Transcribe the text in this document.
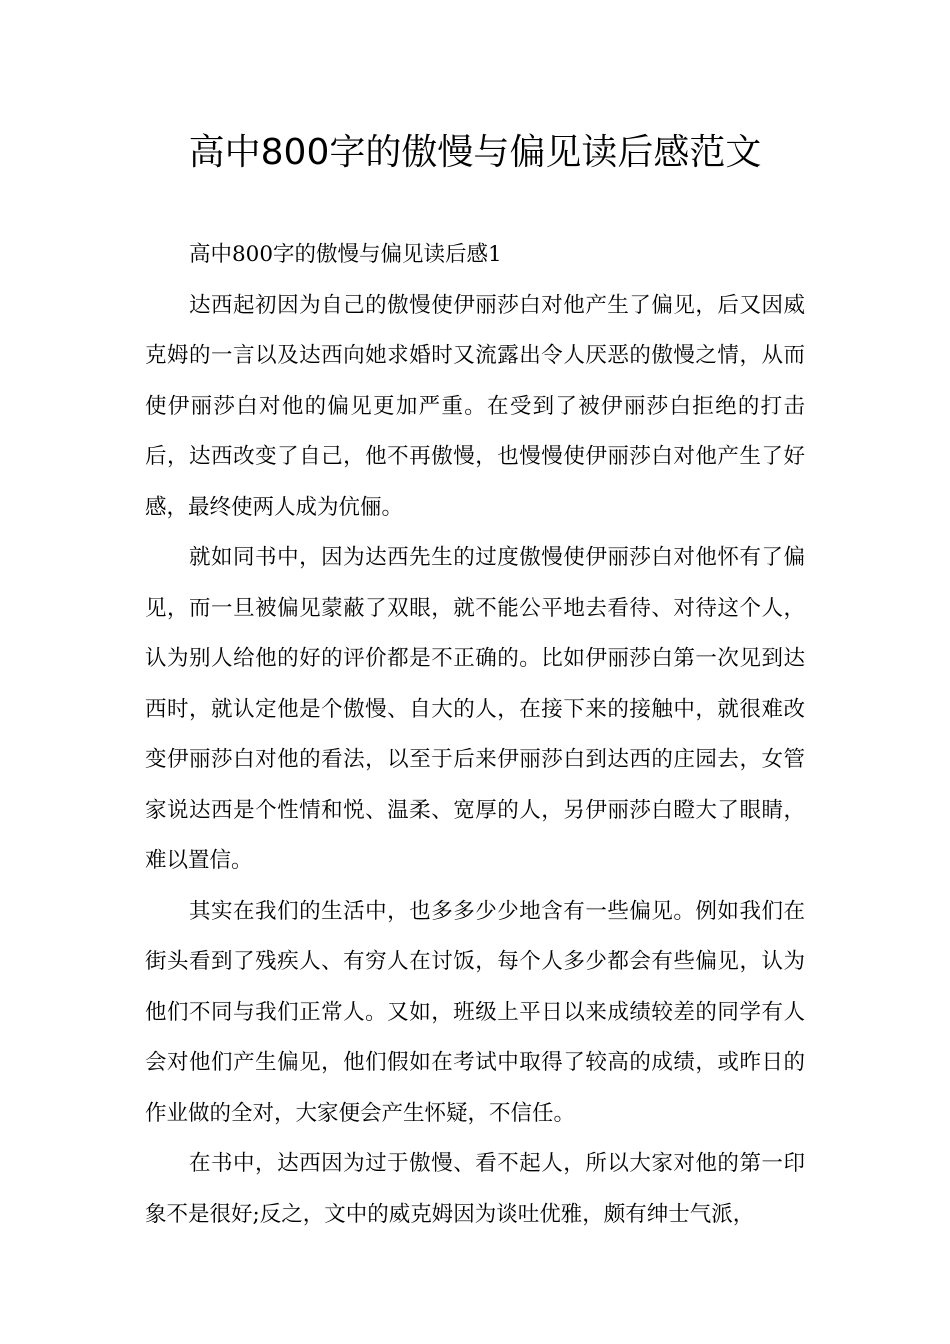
高中800字的傲慢与偏见读后感范文

高中800字的傲慢与偏见读后感1

达西起初因为自己的傲慢使伊丽莎白对他产生了偏见，后又因威克姆的一言以及达西向她求婚时又流露出令人厌恶的傲慢之情，从而使伊丽莎白对他的偏见更加严重。在受到了被伊丽莎白拒绝的打击后，达西改变了自己，他不再傲慢，也慢慢使伊丽莎白对他产生了好感，最终使两人成为伉俪。

就如同书中，因为达西先生的过度傲慢使伊丽莎白对他怀有了偏见，而一旦被偏见蒙蔽了双眼，就不能公平地去看待、对待这个人，认为别人给他的好的评价都是不正确的。比如伊丽莎白第一次见到达西时，就认定他是个傲慢、自大的人，在接下来的接触中，就很难改变伊丽莎白对他的看法，以至于后来伊丽莎白到达西的庄园去，女管家说达西是个性情和悦、温柔、宽厚的人，另伊丽莎白瞪大了眼睛，难以置信。

其实在我们的生活中，也多多少少地含有一些偏见。例如我们在街头看到了残疾人、有穷人在讨饭，每个人多少都会有些偏见，认为他们不同与我们正常人。又如，班级上平日以来成绩较差的同学有人会对他们产生偏见，他们假如在考试中取得了较高的成绩，或昨日的作业做的全对，大家便会产生怀疑，不信任。

在书中，达西因为过于傲慢、看不起人，所以大家对他的第一印象不是很好;反之，文中的威克姆因为谈吐优雅，颇有绅士气派，
